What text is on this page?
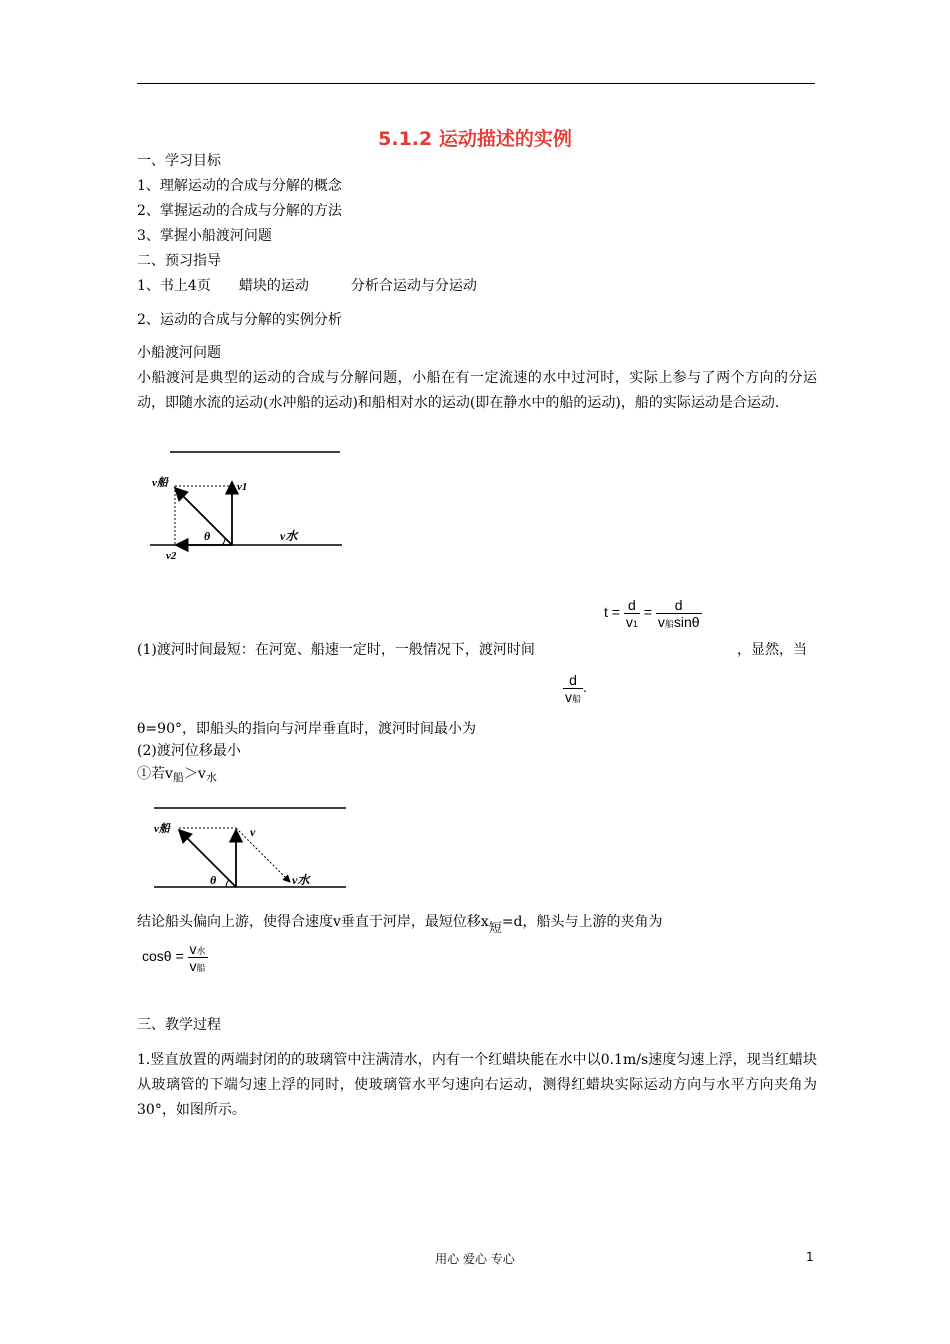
5.1.2 运动描述的实例
一、学习目标
1、理解运动的合成与分解的概念
2、掌握运动的合成与分解的方法
3、掌握小船渡河问题
二、预习指导
1、书上4页　　蜡块的运动　　　分析合运动与分运动
2、运动的合成与分解的实例分析
小船渡河问题
小船渡河是典型的运动的合成与分解问题，小船在有一定流速的水中过河时，实际上参与了两个方向的分运动，即随水流的运动(水冲船的运动)和船相对水的运动(即在静水中的船的运动)，船的实际运动是合运动.
v船	v1
θ	v水
v2
$t = \frac{d}{v1} = \frac{d}{\text{v船sinθ}}$
(1)渡河时间最短：在河宽、船速一定时，一般情况下，渡河时间	，显然，当
$\frac{d}{\text{v船}}$ .
θ=90°，即船头的指向与河岸垂直时，渡河时间最小为
(2)渡河位移最小
①若$v_船>v_水$
v船	v
θ	v水
结论船头偏向上游，使得合速度v垂直于河岸，最短位移x短=d，船头与上游的夹角为
$\cos\theta = \frac{\text{v水}}{\text{v船}}$
三、教学过程
1.竖直放置的两端封闭的的玻璃管中注满清水，内有一个红蜡块能在水中以0.1m/s速度匀速上浮，现当红蜡块从玻璃管的下端匀速上浮的同时，使玻璃管水平匀速向右运动，测得红蜡块实际运动方向与水平方向夹角为30°，如图所示。
用心 爱心 专心	1
